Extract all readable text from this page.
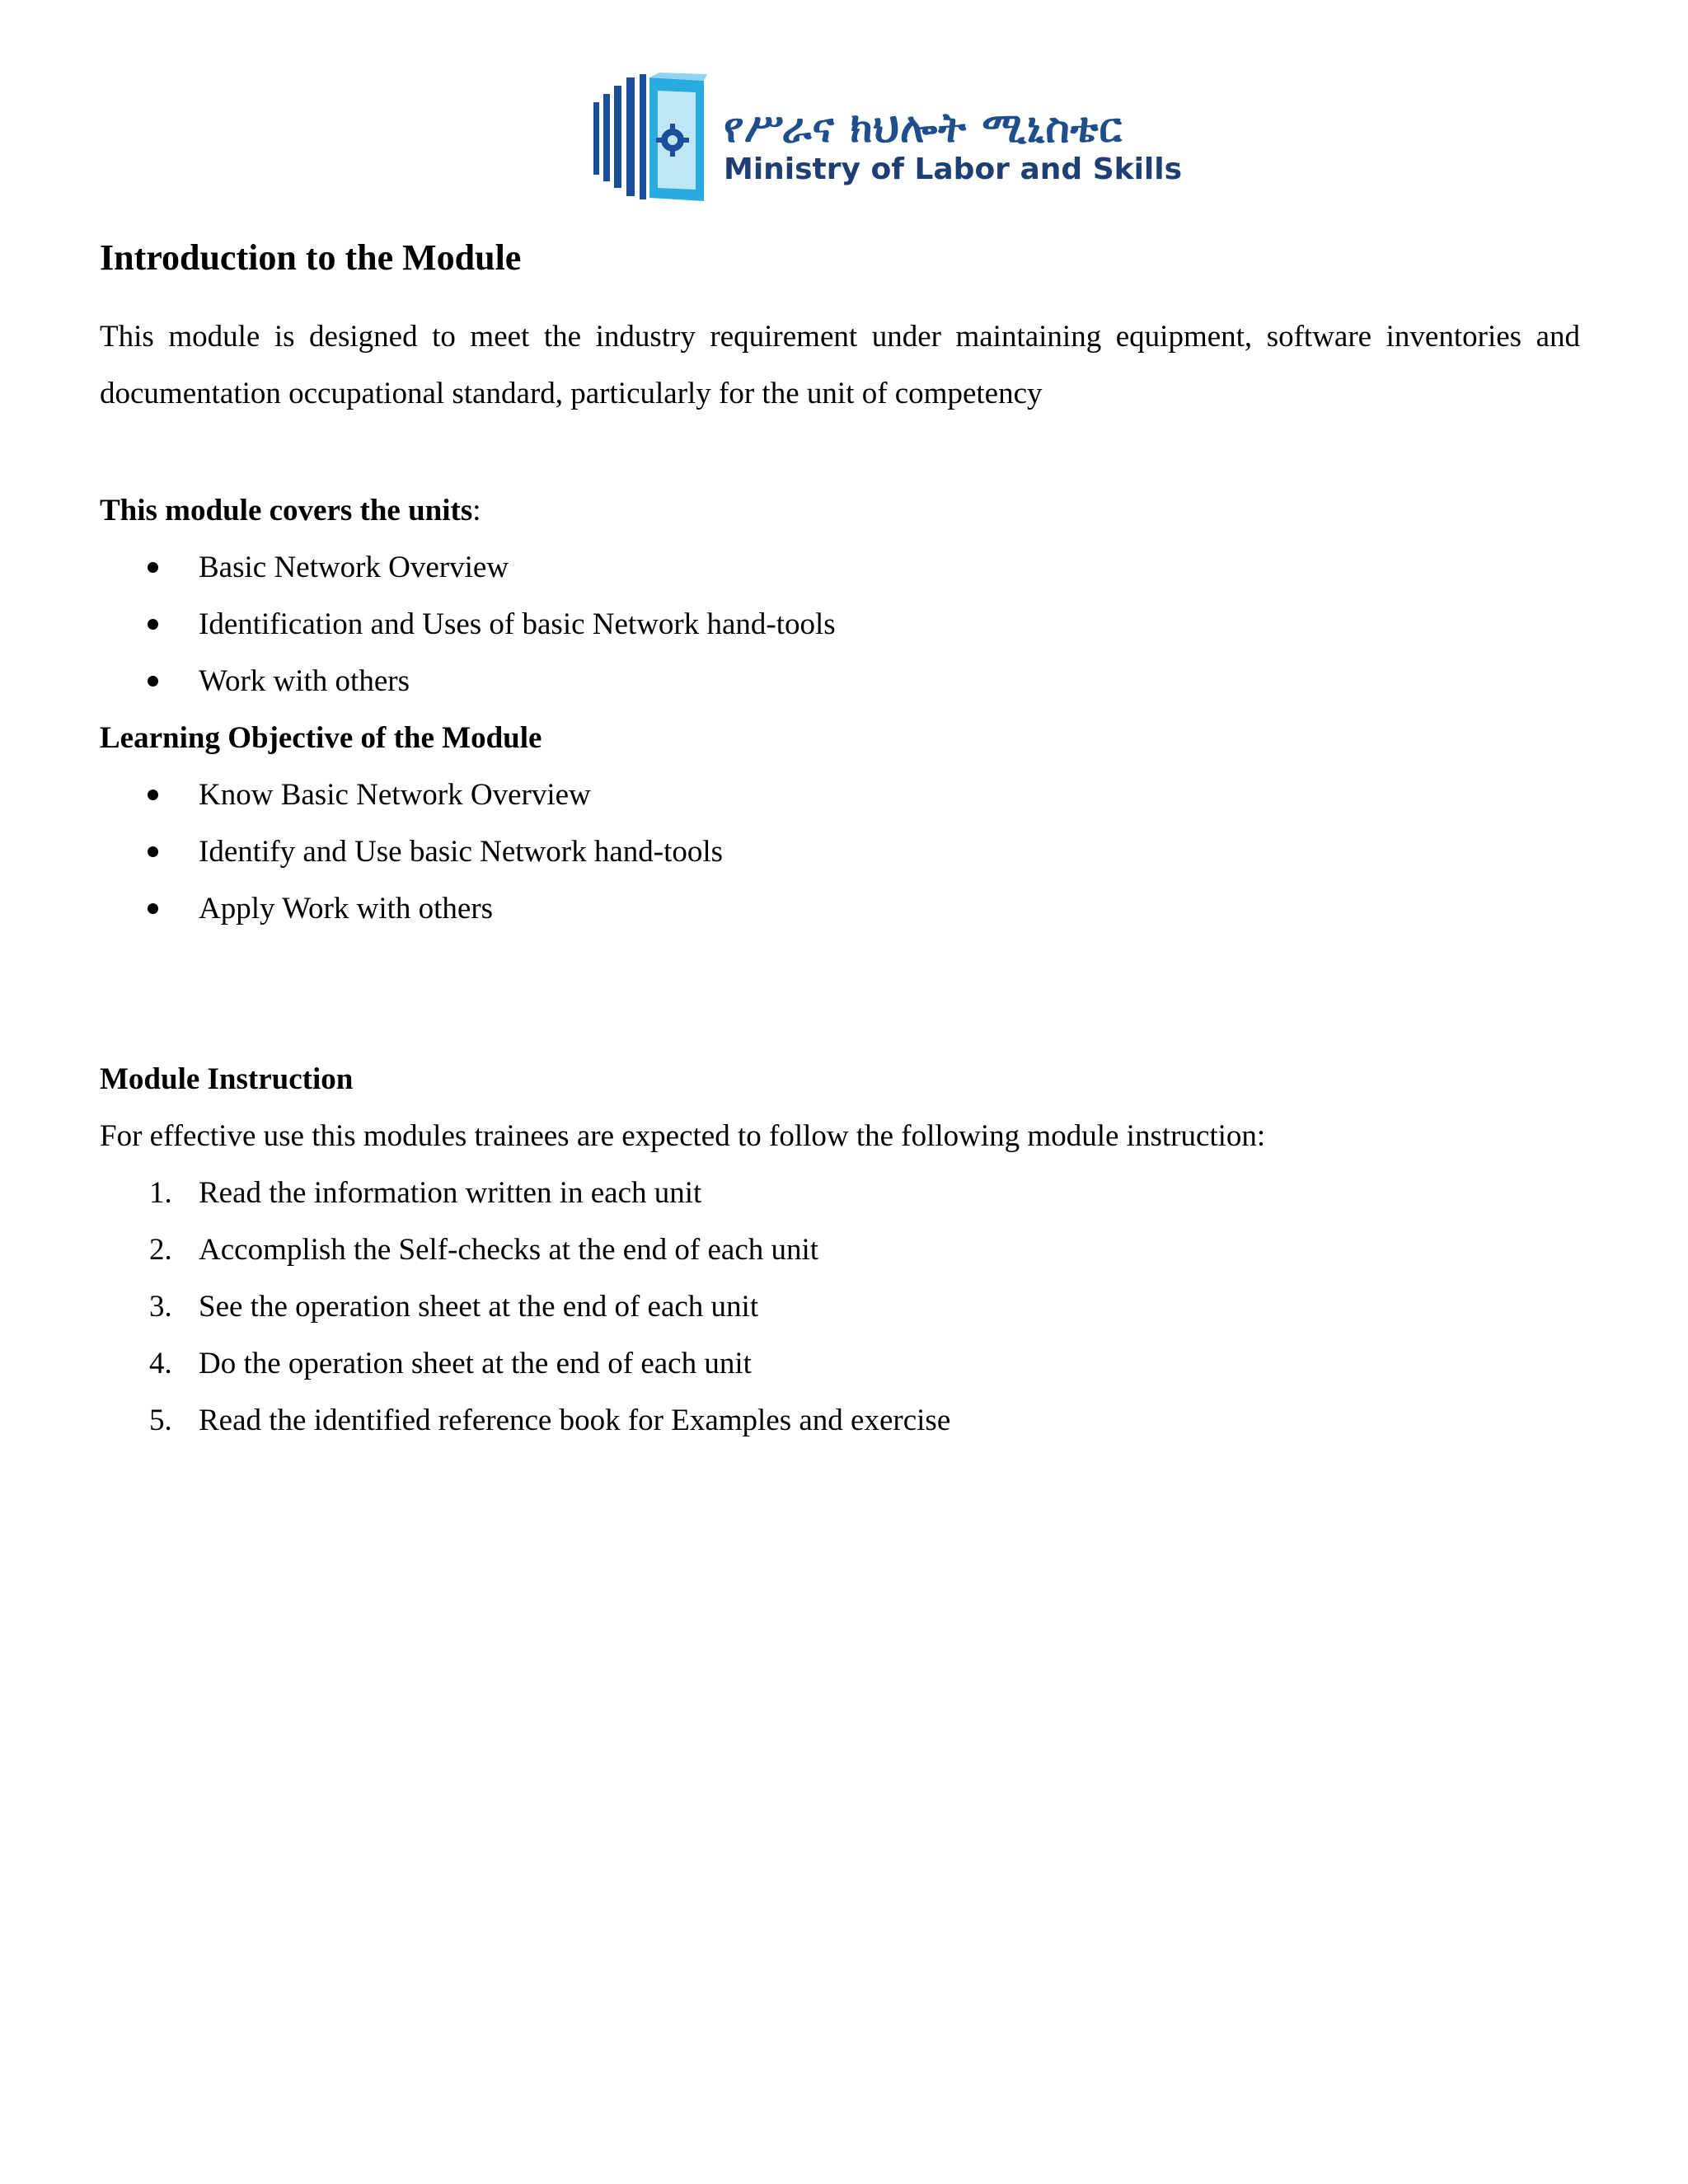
የሥራና ክህሎት ሚኒስቴር
Ministry of Labor and Skills
Introduction to the Module

This module is designed to meet the industry requirement under maintaining equipment, software inventories and documentation occupational standard, particularly for the unit of competency

This module covers the units:

Basic Network Overview
Identification and Uses of basic Network hand-tools
Work with others

Learning Objective of the Module

Know Basic Network Overview
Identify and Use basic Network hand-tools
Apply Work with others

Module Instruction

For effective use this modules trainees are expected to follow the following module instruction:

1. Read the information written in each unit
2. Accomplish the Self-checks at the end of each unit
3. See the operation sheet at the end of each unit
4. Do the operation sheet at the end of each unit
5. Read the identified reference book for Examples and exercise
